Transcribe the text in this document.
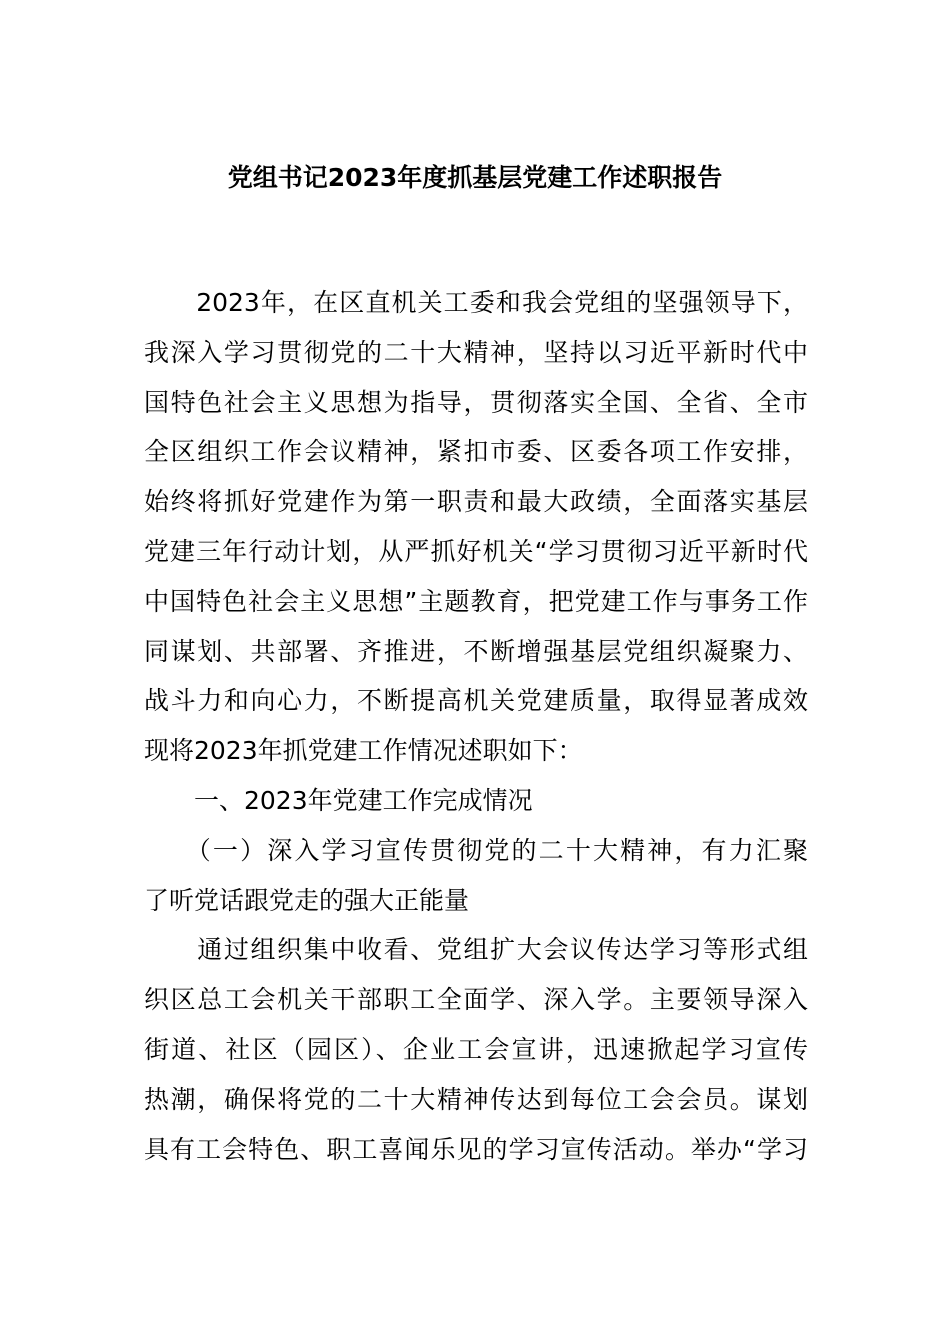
党组书记2023年度抓基层党建工作述职报告
　　2023年，在区直机关工委和我会党组的坚强领导下，
我深入学习贯彻党的二十大精神，坚持以习近平新时代中
国特色社会主义思想为指导，贯彻落实全国、全省、全市
全区组织工作会议精神，紧扣市委、区委各项工作安排，
始终将抓好党建作为第一职责和最大政绩，全面落实基层
党建三年行动计划，从严抓好机关“学习贯彻习近平新时代
中国特色社会主义思想”主题教育，把党建工作与事务工作
同谋划、共部署、齐推进，不断增强基层党组织凝聚力、
战斗力和向心力，不断提高机关党建质量，取得显著成效
现将2023年抓党建工作情况述职如下：
　　一、2023年党建工作完成情况
　　（一）深入学习宣传贯彻党的二十大精神，有力汇聚
了听党话跟党走的强大正能量
　　通过组织集中收看、党组扩大会议传达学习等形式组
织区总工会机关干部职工全面学、深入学。主要领导深入
街道、社区（园区）、企业工会宣讲，迅速掀起学习宣传
热潮，确保将党的二十大精神传达到每位工会会员。谋划
具有工会特色、职工喜闻乐见的学习宣传活动。举办“学习
